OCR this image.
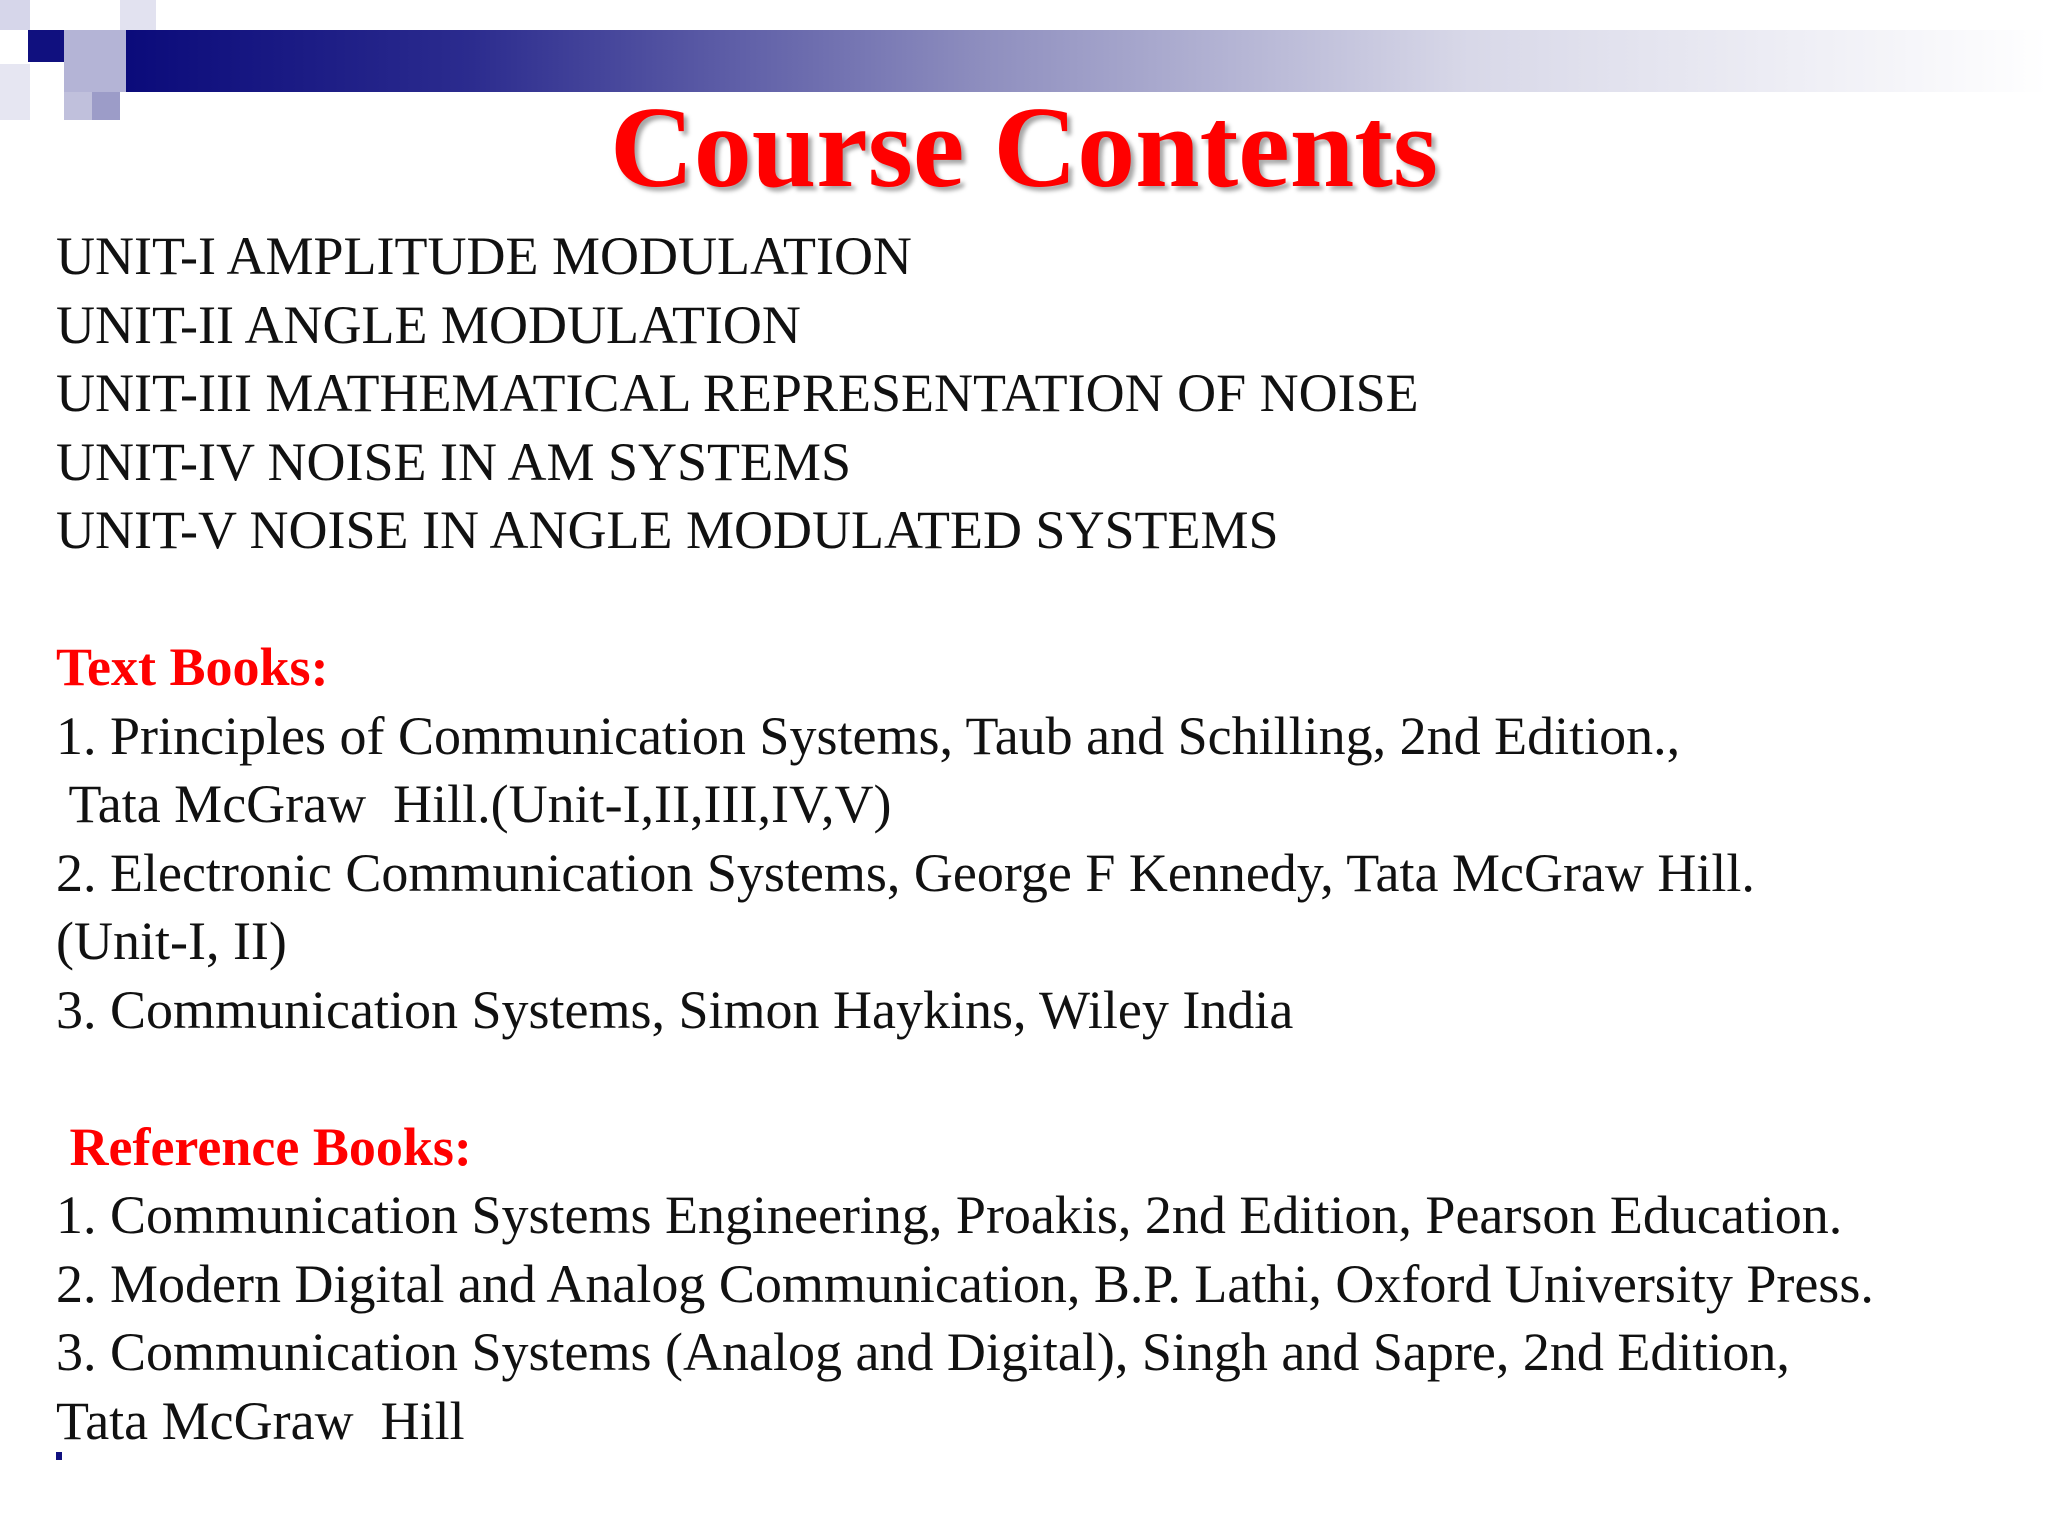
Course Contents
UNIT-I AMPLITUDE MODULATION
UNIT-II ANGLE MODULATION
UNIT-III MATHEMATICAL REPRESENTATION OF NOISE
UNIT-IV NOISE IN AM SYSTEMS
UNIT-V NOISE IN ANGLE MODULATED SYSTEMS
Text Books:
1. Principles of Communication Systems, Taub and Schilling, 2nd Edition.,
Tata McGraw  Hill.(Unit-I,II,III,IV,V)
2. Electronic Communication Systems, George F Kennedy, Tata McGraw Hill.
(Unit-I, II)
3. Communication Systems, Simon Haykins, Wiley India
Reference Books:
1. Communication Systems Engineering, Proakis, 2nd Edition, Pearson Education.
2. Modern Digital and Analog Communication, B.P. Lathi, Oxford University Press.
3. Communication Systems (Analog and Digital), Singh and Sapre, 2nd Edition,
Tata McGraw  Hill
